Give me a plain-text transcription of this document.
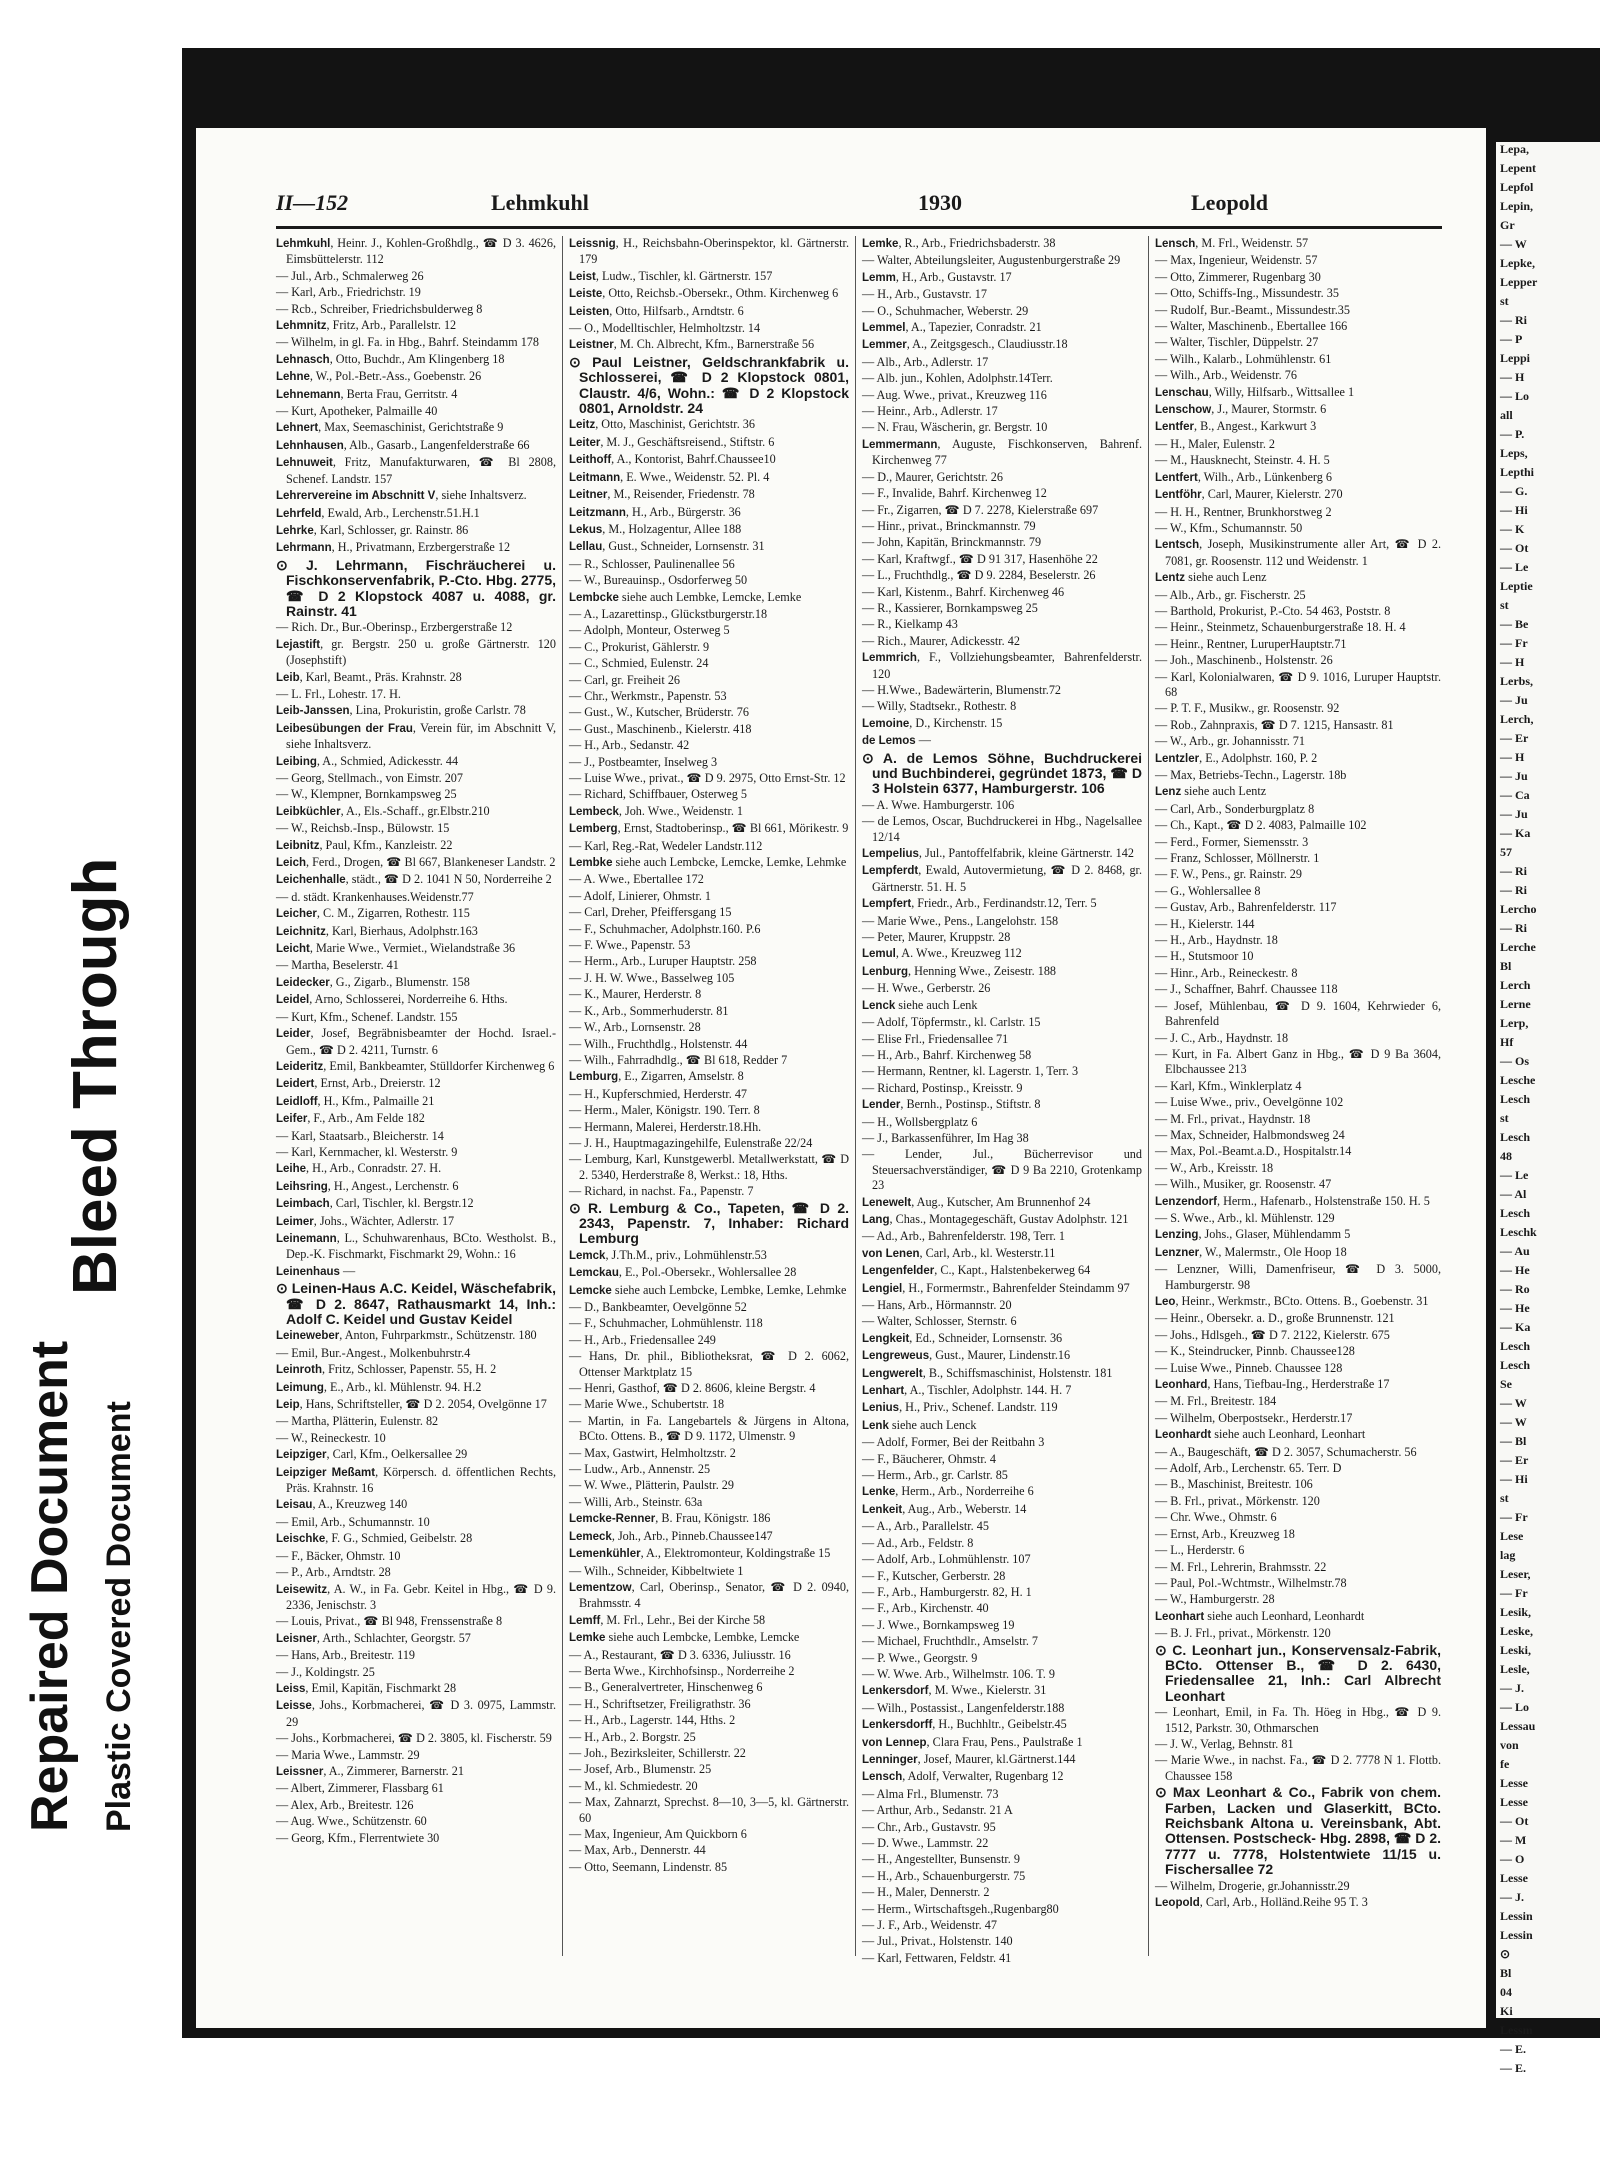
Repaired Document Plastic Covered Document
Bleed Through
Lepa,
Lepent
Lepfol
Lepin,
Gr
— W
Lepke,
Lepper
st
— Ri
— P
Leppi
— H
— Lo
all
— P.
Leps,
Lepthi
— G.
— Hi
— K
— Ot
— Le
Leptie
st
— Be
— Fr
— H
Lerbs,
— Ju
Lerch,
— Er
— H
— Ju
— Ca
— Ju
— Ka
57
— Ri
— Ri
Lercho
— Ri
Lerche
Bl
Lerch
Lerne
Lerp,
Hf
— Os
Lesche
Lesch
st
Lesch
48
— Le
— Al
Lesch
Leschk
— Au
— He
— Ro
— He
— Ka
Lesch
Lesch
Se
— W
— W
— Bl
— Er
— Hi
st
— Fr
Lese
lag
Leser,
— Fr
Lesik,
Leske,
Leski,
Lesle,
— J.
— Lo
Lessau
von
fe
Lesse
Lesse
— Ot
— M
— O
Lesse
— J.
Lessin
Lessin
⊙
Bl
04
Ki
Lessm
— E.
— E.
II—152	Lehmkuhl	1930	Leopold
Lehmkuhl, Heinr. J., Kohlen-Großhdlg., ☎ D 3. 4626, Eimsbüttelerstr. 112
— Jul., Arb., Schmalerweg 26
— Karl, Arb., Friedrichstr. 19
— Rcb., Schreiber, Friedrichsbulderweg 8
Lehmnitz, Fritz, Arb., Parallelstr. 12
— Wilhelm, in gl. Fa. in Hbg., Bahrf. Steindamm 178
Lehnasch, Otto, Buchdr., Am Klingenberg 18
Lehne, W., Pol.-Betr.-Ass., Goebenstr. 26
Lehnemann, Berta Frau, Gerritstr. 4
— Kurt, Apotheker, Palmaille 40
Lehnert, Max, Seemaschinist, Gerichtstraße 9
Lehnhausen, Alb., Gasarb., Langenfelderstraße 66
Lehnuweit, Fritz, Manufakturwaren, ☎ Bl 2808, Schenef. Landstr. 157
Lehrervereine im Abschnitt V, siehe Inhaltsverz.
Lehrfeld, Ewald, Arb., Lerchenstr.51.H.1
Lehrke, Karl, Schlosser, gr. Rainstr. 86
Lehrmann, H., Privatmann, Erzbergerstraße 12
⊙ J. Lehrmann, Fischräucherei u. Fischkonservenfabrik, P.-Cto. Hbg. 2775, ☎ D 2 Klopstock 4087 u. 4088, gr. Rainstr. 41
— Rich. Dr., Bur.-Oberinsp., Erzbergerstraße 12
Lejastift, gr. Bergstr. 250 u. große Gärtnerstr. 120 (Josephstift)
Leib, Karl, Beamt., Präs. Krahnstr. 28
— L. Frl., Lohestr. 17. H.
Leib-Janssen, Lina, Prokuristin, große Carlstr. 78
Leibesübungen der Frau, Verein für, im Abschnitt V, siehe Inhaltsverz.
Leibing, A., Schmied, Adickesstr. 44
— Georg, Stellmach., von Eimstr. 207
— W., Klempner, Bornkampsweg 25
Leibküchler, A., Els.-Schaff., gr.Elbstr.210
— W., Reichsb.-Insp., Bülowstr. 15
Leibnitz, Paul, Kfm., Kanzleistr. 22
Leich, Ferd., Drogen, ☎ Bl 667, Blankeneser Landstr. 2
Leichenhalle, städt., ☎ D 2. 1041 N 50, Norderreihe 2
— d. städt. Krankenhauses.Weidenstr.77
Leicher, C. M., Zigarren, Rothestr. 115
Leichnitz, Karl, Bierhaus, Adolphstr.163
Leicht, Marie Wwe., Vermiet., Wielandstraße 36
— Martha, Beselerstr. 41
Leidecker, G., Zigarb., Blumenstr. 158
Leidel, Arno, Schlosserei, Norderreihe 6. Hths.
— Kurt, Kfm., Schenef. Landstr. 155
Leider, Josef, Begräbnisbeamter der Hochd. Israel.-Gem., ☎ D 2. 4211, Turnstr. 6
Leideritz, Emil, Bankbeamter, Stülldorfer Kirchenweg 6
Leidert, Ernst, Arb., Dreierstr. 12
Leidloff, H., Kfm., Palmaille 21
Leifer, F., Arb., Am Felde 182
— Karl, Staatsarb., Bleicherstr. 14
— Karl, Kernmacher, kl. Westerstr. 9
Leihe, H., Arb., Conradstr. 27. H.
Leihsring, H., Angest., Lerchenstr. 6
Leimbach, Carl, Tischler, kl. Bergstr.12
Leimer, Johs., Wächter, Adlerstr. 17
Leinemann, L., Schuhwarenhaus, BCto. Westholst. B., Dep.-K. Fischmarkt, Fischmarkt 29, Wohn.: 16
Leinenhaus —
⊙ Leinen-Haus A.C. Keidel, Wäschefabrik, ☎ D 2. 8647, Rathausmarkt 14, Inh.: Adolf C. Keidel und Gustav Keidel
Leineweber, Anton, Fuhrparkmstr., Schützenstr. 180
— Emil, Bur.-Angest., Molkenbuhrstr.4
Leinroth, Fritz, Schlosser, Papenstr. 55, H. 2
Leimung, E., Arb., kl. Mühlenstr. 94. H.2
Leip, Hans, Schriftsteller, ☎ D 2. 2054, Ovelgönne 17
— Martha, Plätterin, Eulenstr. 82
— W., Reineckestr. 10
Leipziger, Carl, Kfm., Oelkersallee 29
Leipziger Meßamt, Körpersch. d. öffentlichen Rechts, Präs. Krahnstr. 16
Leisau, A., Kreuzweg 140
— Emil, Arb., Schumannstr. 10
Leischke, F. G., Schmied, Geibelstr. 28
— F., Bäcker, Ohmstr. 10
— P., Arb., Arndtstr. 28
Leisewitz, A. W., in Fa. Gebr. Keitel in Hbg., ☎ D 9. 2336, Jenischstr. 3
— Louis, Privat., ☎ Bl 948, Frenssenstraße 8
Leisner, Arth., Schlachter, Georgstr. 57
— Hans, Arb., Breitestr. 119
— J., Koldingstr. 25
Leiss, Emil, Kapitän, Fischmarkt 28
Leisse, Johs., Korbmacherei, ☎ D 3. 0975, Lammstr. 29
— Johs., Korbmacherei, ☎ D 2. 3805, kl. Fischerstr. 59
— Maria Wwe., Lammstr. 29
Leissner, A., Zimmerer, Barnerstr. 21
— Albert, Zimmerer, Flassbarg 61
— Alex, Arb., Breitestr. 126
— Aug. Wwe., Schützenstr. 60
— Georg, Kfm., Flerrentwiete 30
Leissnig, H., Reichsbahn-Oberinspektor, kl. Gärtnerstr. 179
Leist, Ludw., Tischler, kl. Gärtnerstr. 157
Leiste, Otto, Reichsb.-Obersekr., Othm. Kirchenweg 6
Leisten, Otto, Hilfsarb., Arndtstr. 6
— O., Modelltischler, Helmholtzstr. 14
Leistner, M. Ch. Albrecht, Kfm., Barnerstraße 56
⊙ Paul Leistner, Geldschrankfabrik u. Schlosserei, ☎ D 2 Klopstock 0801, Claustr. 4/6, Wohn.: ☎ D 2 Klopstock 0801, Arnoldstr. 24
Leitz, Otto, Maschinist, Gerichtstr. 36
Leiter, M. J., Geschäftsreisend., Stiftstr. 6
Leithoff, A., Kontorist, Bahrf.Chaussee10
Leitmann, E. Wwe., Weidenstr. 52. Pl. 4
Leitner, M., Reisender, Friedenstr. 78
Leitzmann, H., Arb., Bürgerstr. 36
Lekus, M., Holzagentur, Allee 188
Lellau, Gust., Schneider, Lornsenstr. 31
— R., Schlosser, Paulinenallee 56
— W., Bureauinsp., Osdorferweg 50
Lembcke siehe auch Lembke, Lemcke, Lemke
— A., Lazarettinsp., Glückstburgerstr.18
— Adolph, Monteur, Osterweg 5
— C., Prokurist, Gählerstr. 9
— C., Schmied, Eulenstr. 24
— Carl, gr. Freiheit 26
— Chr., Werkmstr., Papenstr. 53
— Gust., W., Kutscher, Brüderstr. 76
— Gust., Maschinenb., Kielerstr. 418
— H., Arb., Sedanstr. 42
— J., Postbeamter, Inselweg 3
— Luise Wwe., privat., ☎ D 9. 2975, Otto Ernst-Str. 12
— Richard, Schiffbauer, Osterweg 5
Lembeck, Joh. Wwe., Weidenstr. 1
Lemberg, Ernst, Stadtoberinsp., ☎ Bl 661, Mörikestr. 9
— Karl, Reg.-Rat, Wedeler Landstr.112
Lembke siehe auch Lembcke, Lemcke, Lemke, Lehmke
— A. Wwe., Ebertallee 172
— Adolf, Linierer, Ohmstr. 1
— Carl, Dreher, Pfeiffersgang 15
— F., Schuhmacher, Adolphstr.160. P.6
— F. Wwe., Papenstr. 53
— Herm., Arb., Luruper Hauptstr. 258
— J. H. W. Wwe., Basselweg 105
— K., Maurer, Herderstr. 8
— K., Arb., Sommerhuderstr. 81
— W., Arb., Lornsenstr. 28
— Wilh., Fruchthdlg., Holstenstr. 44
— Wilh., Fahrradhdlg., ☎ Bl 618, Redder 7
Lemburg, E., Zigarren, Amselstr. 8
— H., Kupferschmied, Herderstr. 47
— Herm., Maler, Königstr. 190. Terr. 8
— Hermann, Malerei, Herderstr.18.Hh.
— J. H., Hauptmagazingehilfe, Eulenstraße 22/24
— Lemburg, Karl, Kunstgewerbl. Metallwerkstatt, ☎ D 2. 5340, Herderstraße 8, Werkst.: 18, Hths.
— Richard, in nachst. Fa., Papenstr. 7
⊙ R. Lemburg & Co., Tapeten, ☎ D 2. 2343, Papenstr. 7, Inhaber: Richard Lemburg
Lemck, J.Th.M., priv., Lohmühlenstr.53
Lemckau, E., Pol.-Obersekr., Wohlersallee 28
Lemcke siehe auch Lembcke, Lembke, Lemke, Lehmke
— D., Bankbeamter, Oevelgönne 52
— F., Schuhmacher, Lohmühlenstr. 118
— H., Arb., Friedensallee 249
— Hans, Dr. phil., Bibliotheksrat, ☎ D 2. 6062, Ottenser Marktplatz 15
— Henri, Gasthof, ☎ D 2. 8606, kleine Bergstr. 4
— Marie Wwe., Schubertstr. 18
— Martin, in Fa. Langebartels & Jürgens in Altona, BCto. Ottens. B., ☎ D 9. 1172, Ulmenstr. 9
— Max, Gastwirt, Helmholtzstr. 2
— Ludw., Arb., Annenstr. 25
— W. Wwe., Plätterin, Paulstr. 29
— Willi, Arb., Steinstr. 63a
Lemcke-Renner, B. Frau, Königstr. 186
Lemeck, Joh., Arb., Pinneb.Chaussee147
Lemenkühler, A., Elektromonteur, Koldingstraße 15
— Wilh., Schneider, Kibbeltwiete 1
Lementzow, Carl, Oberinsp., Senator, ☎ D 2. 0940, Brahmsstr. 4
Lemff, M. Frl., Lehr., Bei der Kirche 58
Lemke siehe auch Lembcke, Lembke, Lemcke
— A., Restaurant, ☎ D 3. 6336, Juliusstr. 16
— Berta Wwe., Kirchhofsinsp., Norderreihe 2
— B., Generalvertreter, Hinschenweg 6
— H., Schriftsetzer, Freiligrathstr. 36
— H., Arb., Lagerstr. 144, Hths. 2
— H., Arb., 2. Borgstr. 25
— Joh., Bezirksleiter, Schillerstr. 22
— Josef, Arb., Blumenstr. 25
— M., kl. Schmiedestr. 20
— Max, Zahnarzt, Sprechst. 8—10, 3—5, kl. Gärtnerstr. 60
— Max, Ingenieur, Am Quickborn 6
— Max, Arb., Dennerstr. 44
— Otto, Seemann, Lindenstr. 85
Lemke, R., Arb., Friedrichsbaderstr. 38
— Walter, Abteilungsleiter, Augustenburgerstraße 29
Lemm, H., Arb., Gustavstr. 17
— H., Arb., Gustavstr. 17
— O., Schuhmacher, Weberstr. 29
Lemmel, A., Tapezier, Conradstr. 21
Lemmer, A., Zeitgsgesch., Claudiusstr.18
— Alb., Arb., Adlerstr. 17
— Alb. jun., Kohlen, Adolphstr.14Terr.
— Aug. Wwe., privat., Kreuzweg 116
— Heinr., Arb., Adlerstr. 17
— N. Frau, Wäscherin, gr. Bergstr. 10
Lemmermann, Auguste, Fischkonserven, Bahrenf. Kirchenweg 77
— D., Maurer, Gerichtstr. 26
— F., Invalide, Bahrf. Kirchenweg 12
— Fr., Zigarren, ☎ D 7. 2278, Kielerstraße 697
— Hinr., privat., Brinckmannstr. 79
— John, Kapitän, Brinckmannstr. 79
— Karl, Kraftwgf., ☎ D 91 317, Hasenhöhe 22
— L., Fruchthdlg., ☎ D 9. 2284, Beselerstr. 26
— Karl, Kistenm., Bahrf. Kirchenweg 46
— R., Kassierer, Bornkampsweg 25
— R., Kielkamp 43
— Rich., Maurer, Adickesstr. 42
Lemmrich, F., Vollziehungsbeamter, Bahrenfelderstr. 120
— H.Wwe., Badewärterin, Blumenstr.72
— Willy, Stadtsekr., Rothestr. 8
Lemoine, D., Kirchenstr. 15
de Lemos —
⊙ A. de Lemos Söhne, Buchdruckerei und Buchbinderei, gegründet 1873, ☎ D 3 Holstein 6377, Hamburgerstr. 106
— A. Wwe. Hamburgerstr. 106
— de Lemos, Oscar, Buchdruckerei in Hbg., Nagelsallee 12/14
Lempelius, Jul., Pantoffelfabrik, kleine Gärtnerstr. 142
Lempferdt, Ewald, Autovermietung, ☎ D 2. 8468, gr. Gärtnerstr. 51. H. 5
Lempfert, Friedr., Arb., Ferdinandstr.12, Terr. 5
— Marie Wwe., Pens., Langelohstr. 158
— Peter, Maurer, Kruppstr. 28
Lemul, A. Wwe., Kreuzweg 112
Lenburg, Henning Wwe., Zeisestr. 188
— H. Wwe., Gerberstr. 26
Lenck siehe auch Lenk
— Adolf, Töpfermstr., kl. Carlstr. 15
— Elise Frl., Friedensallee 71
— H., Arb., Bahrf. Kirchenweg 58
— Hermann, Rentner, kl. Lagerstr. 1, Terr. 3
— Richard, Postinsp., Kreisstr. 9
Lender, Bernh., Postinsp., Stiftstr. 8
— H., Wollsbergplatz 6
— J., Barkassenführer, Im Hag 38
— Lender, Jul., Bücherrevisor und Steuersachverständiger, ☎ D 9 Ba 2210, Grotenkamp 23
Lenewelt, Aug., Kutscher, Am Brunnenhof 24
Lang, Chas., Montagegeschäft, Gustav Adolphstr. 121
— Ad., Arb., Bahrenfelderstr. 198, Terr. 1
von Lenen, Carl, Arb., kl. Westerstr.11
Lengenfelder, C., Kapt., Halstenbekerweg 64
Lengiel, H., Formermstr., Bahrenfelder Steindamm 97
— Hans, Arb., Hörmannstr. 20
— Walter, Schlosser, Sternstr. 6
Lengkeit, Ed., Schneider, Lornsenstr. 36
Lengreweus, Gust., Maurer, Lindenstr.16
Lengwerelt, B., Schiffsmaschinist, Holstenstr. 181
Lenhart, A., Tischler, Adolphstr. 144. H. 7
Lenius, H., Priv., Schenef. Landstr. 119
Lenk siehe auch Lenck
— Adolf, Former, Bei der Reitbahn 3
— F., Bäucherer, Ohmstr. 4
— Herm., Arb., gr. Carlstr. 85
Lenke, Herm., Arb., Norderreihe 6
Lenkeit, Aug., Arb., Weberstr. 14
— A., Arb., Parallelstr. 45
— Ad., Arb., Feldstr. 8
— Adolf, Arb., Lohmühlenstr. 107
— F., Kutscher, Gerberstr. 28
— F., Arb., Hamburgerstr. 82, H. 1
— F., Arb., Kirchenstr. 40
— J. Wwe., Bornkampsweg 19
— Michael, Fruchthdlr., Amselstr. 7
— P. Wwe., Georgstr. 9
— W. Wwe. Arb., Wilhelmstr. 106. T. 9
Lenkersdorf, M. Wwe., Kielerstr. 31
— Wilh., Postassist., Langenfelderstr.188
Lenkersdorff, H., Buchhltr., Geibelstr.45
von Lennep, Clara Frau, Pens., Paulstraße 1
Lenninger, Josef, Maurer, kl.Gärtnerst.144
Lensch, Adolf, Verwalter, Rugenbarg 12
— Alma Frl., Blumenstr. 73
— Arthur, Arb., Sedanstr. 21 A
— Chr., Arb., Gustavstr. 95
— D. Wwe., Lammstr. 22
— H., Angestellter, Bunsenstr. 9
— H., Arb., Schauenburgerstr. 75
— H., Maler, Dennerstr. 2
— Herm., Wirtschaftsgeh.,Rugenbarg80
— J. F., Arb., Weidenstr. 47
— Jul., Privat., Holstenstr. 140
— Karl, Fettwaren, Feldstr. 41
Lensch, M. Frl., Weidenstr. 57
— Max, Ingenieur, Weidenstr. 57
— Otto, Zimmerer, Rugenbarg 30
— Otto, Schiffs-Ing., Missundestr. 35
— Rudolf, Bur.-Beamt., Missundestr.35
— Walter, Maschinenb., Ebertallee 166
— Walter, Tischler, Düppelstr. 27
— Wilh., Kalarb., Lohmühlenstr. 61
— Wilh., Arb., Weidenstr. 76
Lenschau, Willy, Hilfsarb., Wittsallee 1
Lenschow, J., Maurer, Stormstr. 6
Lentfer, B., Angest., Karkwurt 3
— H., Maler, Eulenstr. 2
— M., Hausknecht, Steinstr. 4. H. 5
Lentfert, Wilh., Arb., Lünkenberg 6
Lentföhr, Carl, Maurer, Kielerstr. 270
— H. H., Rentner, Brunkhorstweg 2
— W., Kfm., Schumannstr. 50
Lentsch, Joseph, Musikinstrumente aller Art, ☎ D 2. 7081, gr. Roosenstr. 112 und Weidenstr. 1
Lentz siehe auch Lenz
— Alb., Arb., gr. Fischerstr. 25
— Barthold, Prokurist, P.-Cto. 54 463, Poststr. 8
— Heinr., Steinmetz, Schauenburgerstraße 18. H. 4
— Heinr., Rentner, LuruperHauptstr.71
— Joh., Maschinenb., Holstenstr. 26
— Karl, Kolonialwaren, ☎ D 9. 1016, Luruper Hauptstr. 68
— P. T. F., Musikw., gr. Roosenstr. 92
— Rob., Zahnpraxis, ☎ D 7. 1215, Hansastr. 81
— W., Arb., gr. Johannisstr. 71
Lentzler, E., Adolphstr. 160, P. 2
— Max, Betriebs-Techn., Lagerstr. 18b
Lenz siehe auch Lentz
— Carl, Arb., Sonderburgplatz 8
— Ch., Kapt., ☎ D 2. 4083, Palmaille 102
— Ferd., Former, Siemensstr. 3
— Franz, Schlosser, Möllnerstr. 1
— F. W., Pens., gr. Rainstr. 29
— G., Wohlersallee 8
— Gustav, Arb., Bahrenfelderstr. 117
— H., Kielerstr. 144
— H., Arb., Haydnstr. 18
— H., Stutsmoor 10
— Hinr., Arb., Reineckestr. 8
— J., Schaffner, Bahrf. Chaussee 118
— Josef, Mühlenbau, ☎ D 9. 1604, Kehrwieder 6, Bahrenfeld
— J. C., Arb., Haydnstr. 18
— Kurt, in Fa. Albert Ganz in Hbg., ☎ D 9 Ba 3604, Elbchaussee 213
— Karl, Kfm., Winklerplatz 4
— Luise Wwe., priv., Oevelgönne 102
— M. Frl., privat., Haydnstr. 18
— Max, Schneider, Halbmondsweg 24
— Max, Pol.-Beamt.a.D., Hospitalstr.14
— W., Arb., Kreisstr. 18
— Wilh., Musiker, gr. Roosenstr. 47
Lenzendorf, Herm., Hafenarb., Holstenstraße 150. H. 5
— S. Wwe., Arb., kl. Mühlenstr. 129
Lenzing, Johs., Glaser, Mühlendamm 5
Lenzner, W., Malermstr., Ole Hoop 18
— Lenzner, Willi, Damenfriseur, ☎ D 3. 5000, Hamburgerstr. 98
Leo, Heinr., Werkmstr., BCto. Ottens. B., Goebenstr. 31
— Heinr., Obersekr. a. D., große Brunnenstr. 121
— Johs., Hdlsgeh., ☎ D 7. 2122, Kielerstr. 675
— K., Steindrucker, Pinnb. Chaussee128
— Luise Wwe., Pinneb. Chaussee 128
Leonhard, Hans, Tiefbau-Ing., Herderstraße 17
— M. Frl., Breitestr. 184
— Wilhelm, Oberpostsekr., Herderstr.17
Leonhardt siehe auch Leonhard, Leonhart
— A., Baugeschäft, ☎ D 2. 3057, Schumacherstr. 56
— Adolf, Arb., Lerchenstr. 65. Terr. D
— B., Maschinist, Breitestr. 106
— B. Frl., privat., Mörkenstr. 120
— Chr. Wwe., Ohmstr. 6
— Ernst, Arb., Kreuzweg 18
— L., Herderstr. 6
— M. Frl., Lehrerin, Brahmsstr. 22
— Paul, Pol.-Wchtmstr., Wilhelmstr.78
— W., Hamburgerstr. 28
Leonhart siehe auch Leonhard, Leonhardt
— B. J. Frl., privat., Mörkenstr. 120
⊙ C. Leonhart jun., Konservensalz-Fabrik, BCto. Ottenser B., ☎ D 2. 6430, Friedensallee 21, Inh.: Carl Albrecht Leonhart
— Leonhart, Emil, in Fa. Th. Höeg in Hbg., ☎ D 9. 1512, Parkstr. 30, Othmarschen
— J. W., Verlag, Behnstr. 81
— Marie Wwe., in nachst. Fa., ☎ D 2. 7778 N 1. Flottb. Chaussee 158
⊙ Max Leonhart & Co., Fabrik von chem. Farben, Lacken und Glaserkitt, BCto. Reichsbank Altona u. Vereinsbank, Abt. Ottensen. Postscheck- Hbg. 2898, ☎ D 2. 7777 u. 7778, Holstentwiete 11/15 u. Fischersallee 72
— Wilhelm, Drogerie, gr.Johannisstr.29
Leopold, Carl, Arb., Holländ.Reihe 95 T. 3
